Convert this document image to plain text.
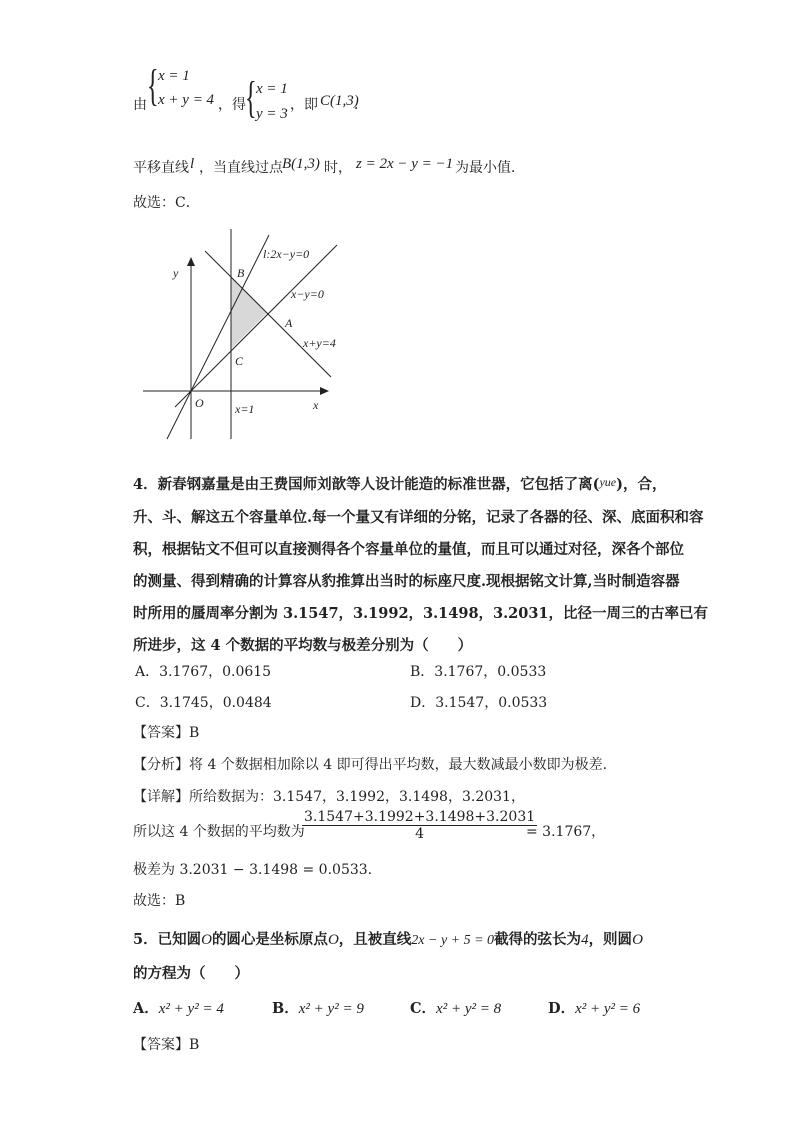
由 { x = 1
x + y = 4 ，得 { x = 1
y = 3
，即 C(1,3)
．
平移直线 l ，当直线过点 B(1,3) 时， z = 2x − y = −1 为最小值．
故选：C．
y
x
O
B
A
C
l:2x−y=0
x−y=0
x+y=4
x=1
4．新春钢嘉量是由王费国师刘歆等人设计能造的标准世器，它包括了离($^{yue}$)，合，
升、斗、解这五个容量单位.每一个量又有详细的分铭，记录了各器的径、深、底面积和容
积，根据钻文不但可以直接测得各个容量单位的量值，而且可以通过对径，深各个部位
的测量、得到精确的计算容从豹推算出当时的标座尺度.现根据铭文计算,当时制造容器
时所用的蜃周率分割为 3.1547，3.1992，3.1498，3.2031，比径一周三的古率已有
所进步，这 4 个数据的平均数与极差分别为（　　）
A．3.1767，0.0615	B．3.1767，0.0533
C．3.1745，0.0484	D．3.1547，0.0533
【答案】B
【分析】将 4 个数据相加除以 4 即可得出平均数，最大数减最小数即为极差.
【详解】所给数据为：3.1547，3.1992，3.1498，3.2031，
所以这 4 个数据的平均数为
$\frac{3.1547+3.1992+3.1498+3.2031}{4}$
= 3.1767，
极差为 3.2031 − 3.1498 = 0.0533.
故选：B
5．已知圆O的圆心是坐标原点O，且被直线2x − y + 5 = 0截得的弦长为4，则圆O
的方程为（　　）
A．x² + y² = 4	B．x² + y² = 9	C．x² + y² = 8	D．x² + y² = 6
【答案】B
